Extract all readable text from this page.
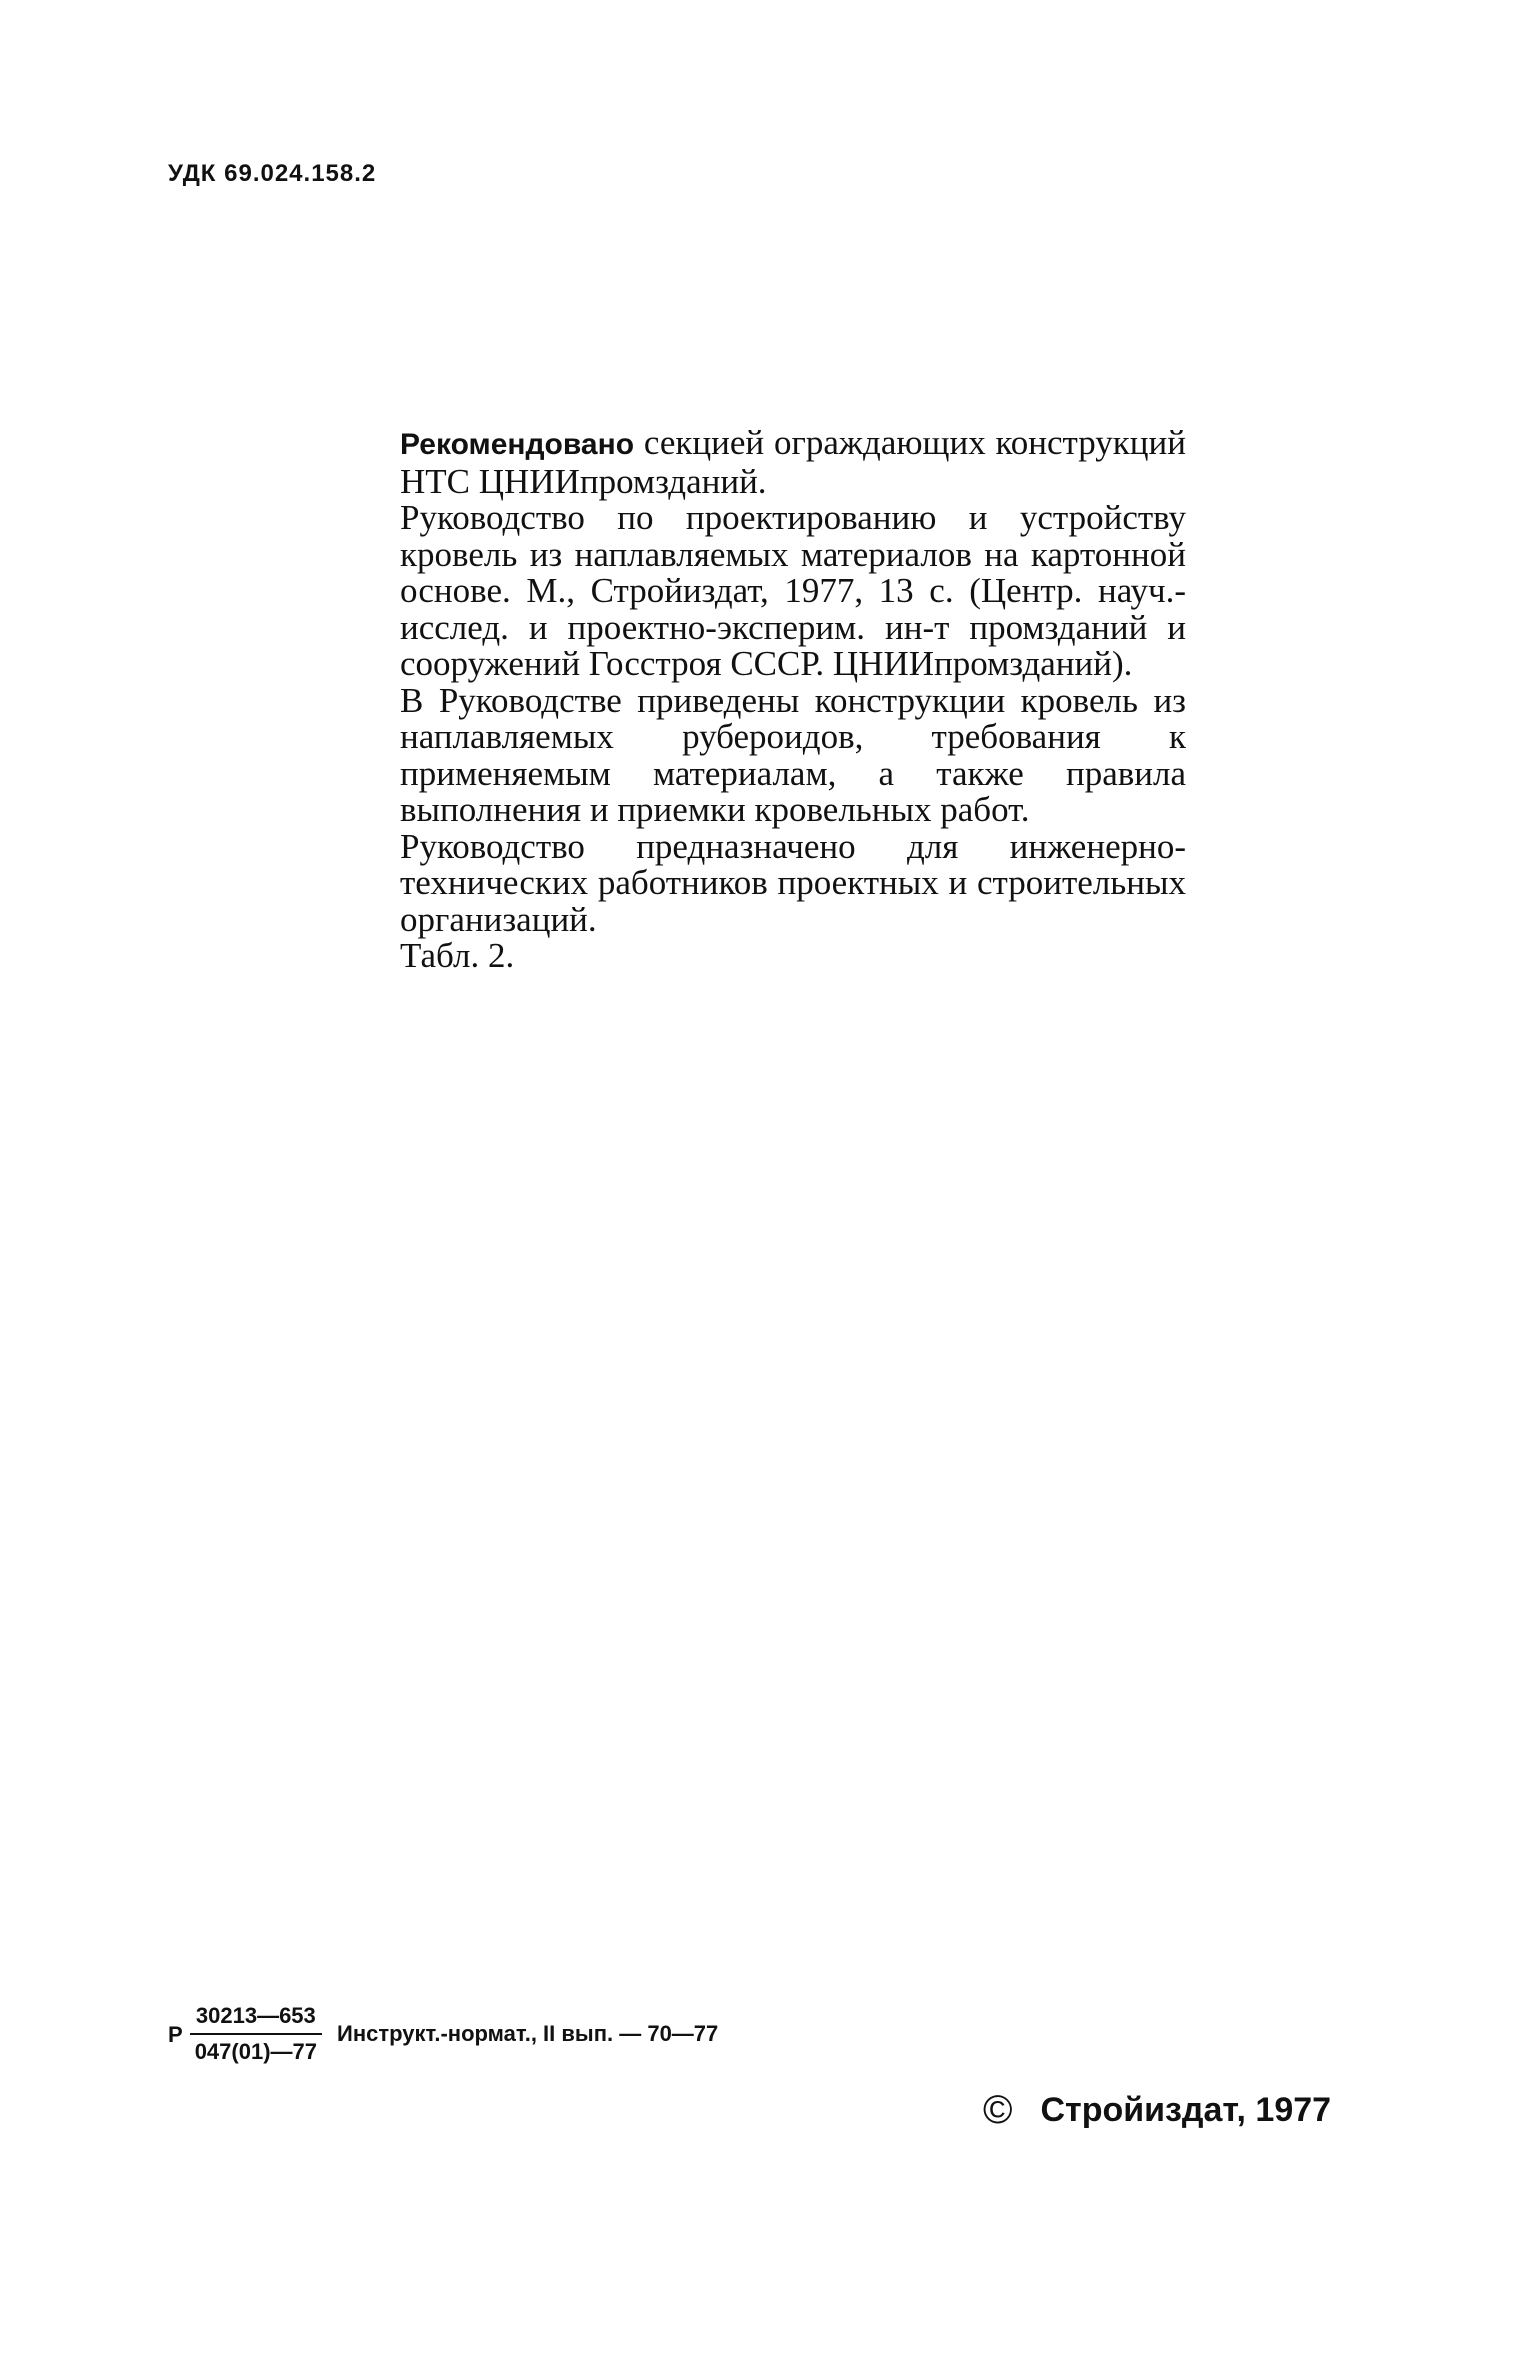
УДК 69.024.158.2

Рекомендовано секцией ограждающих конструкций НТС ЦНИИпромзданий.

Руководство по проектированию и устройству кровель из наплавляемых материалов на картонной основе. М., Стройиздат, 1977, 13 с. (Центр. науч.-исслед. и проектно-эксперим. ин-т промзданий и сооружений Госстроя СССР. ЦНИИпромзданий).

В Руководстве приведены конструкции кровель из наплавляемых рубероидов, требования к применяемым материалам, а также правила выполнения и приемки кровельных работ.

Руководство предназначено для инженерно-технических работников проектных и строительных организаций.

Табл. 2.

Р $\frac{30213—653}{047(01)—77}$ Инструкт.-нормат., II вып. — 70—77
© Стройиздат, 1977
